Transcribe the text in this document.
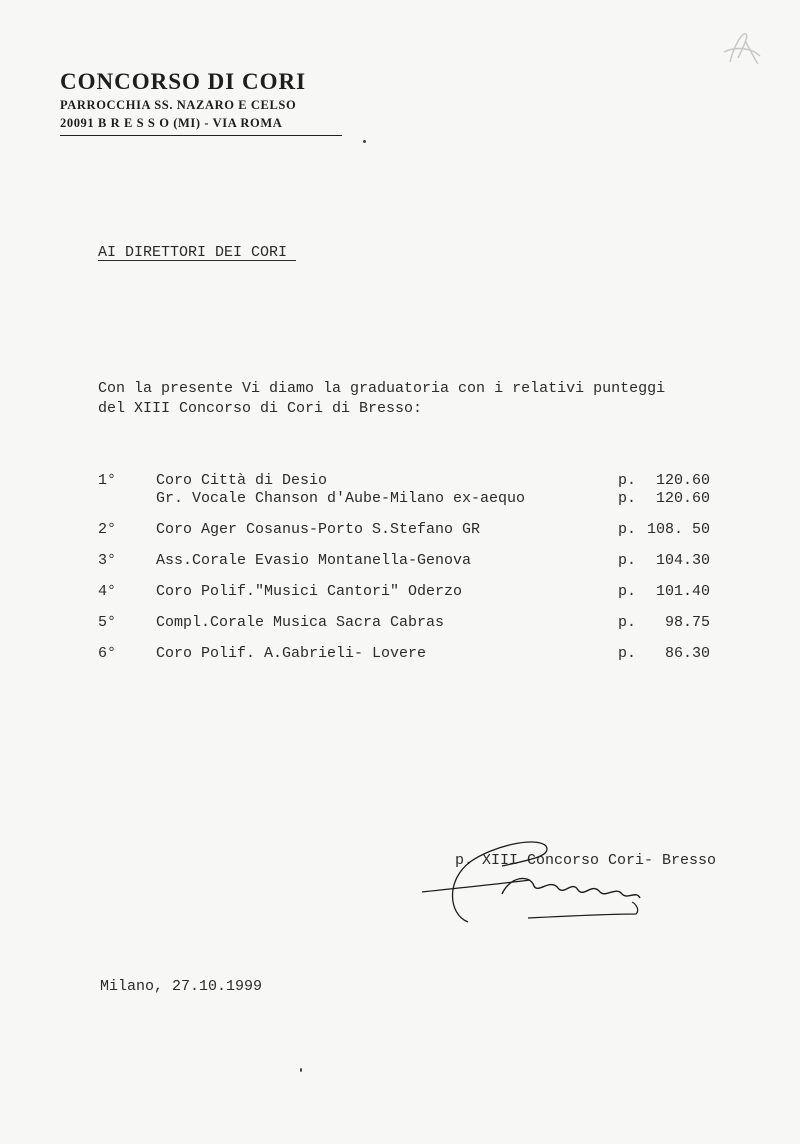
CONCORSO DI CORI
PARROCCHIA SS. NAZARO E CELSO
20091 B R E S S O (MI) - VIA ROMA
AI DIRETTORI DEI CORI
Con la presente Vi diamo la graduatoria con i relativi punteggi
del XIII Concorso di Cori di Bresso:
1°	Coro Città di Desio	p.	120.60
Gr. Vocale Chanson d'Aube-Milano ex-aequo	p.	120.60
2°	Coro Ager Cosanus-Porto S.Stefano GR	p. 108. 50
3°	Ass.Corale Evasio Montanella-Genova	p.	104.30
4°	Coro Polif."Musici Cantori" Oderzo	p.	101.40
5°	Compl.Corale Musica Sacra Cabras	p.	98.75
6°	Coro Polif. A.Gabrieli- Lovere	p.	86.30
p. XIII Concorso Cori- Bresso
Milano, 27.10.1999
